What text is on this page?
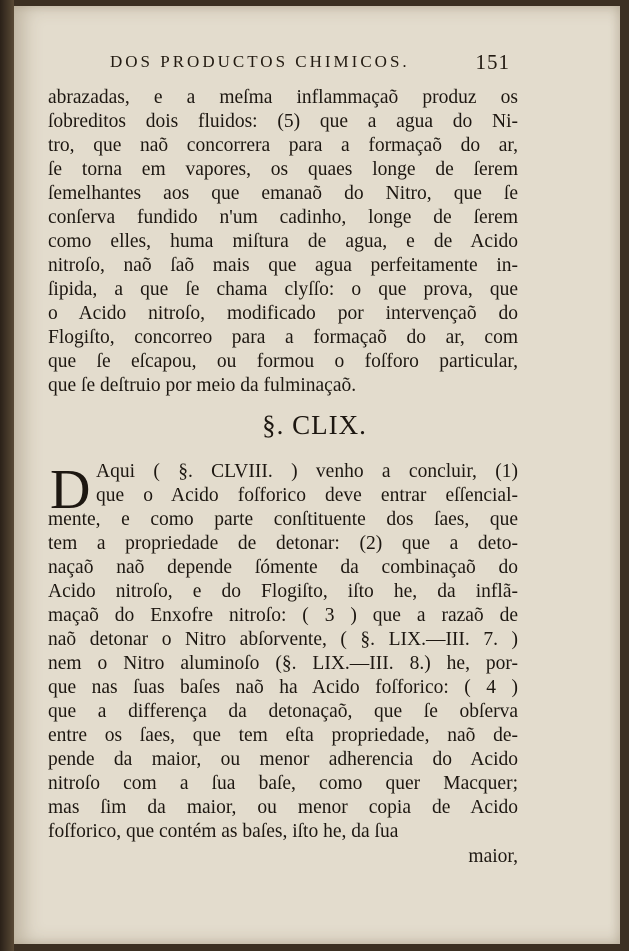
DOS PRODUCTOS CHIMICOS.	151
abrazadas, e a meſma inflammaçaõ produz os
ſobreditos dois fluidos: (5) que a agua do Ni-
tro, que naõ concorrera para a formaçaõ do ar,
ſe torna em vapores, os quaes longe de ſerem
ſemelhantes aos que emanaõ do Nitro, que ſe
conſerva fundido n'um cadinho, longe de ſerem
como elles, huma miſtura de agua, e de Acido
nitroſo, naõ ſaõ mais que agua perfeitamente in-
ſipida, a que ſe chama clyſſo: o que prova, que
o Acido nitroſo, modificado por intervençaõ do
Flogiſto, concorreo para a formaçaõ do ar, com
que ſe eſcapou, ou formou o foſforo particular,
que ſe deſtruio por meio da fulminaçaõ.
§. CLIX.
D Aqui ( §. CLVIII. ) venho a concluir, (1)
que o Acido foſforico deve entrar eſſencial-
mente, e como parte conſtituente dos ſaes, que
tem a propriedade de detonar: (2) que a deto-
naçaõ naõ depende ſómente da combinaçaõ do
Acido nitroſo, e do Flogiſto, iſto he, da inflã-
maçaõ do Enxofre nitroſo: ( 3 ) que a razaõ de
naõ detonar o Nitro abſorvente, ( §. LIX.—III. 7. )
nem o Nitro aluminoſo (§. LIX.—III. 8.) he, por-
que nas ſuas baſes naõ ha Acido foſforico: ( 4 )
que a differença da detonaçaõ, que ſe obſerva
entre os ſaes, que tem eſta propriedade, naõ de-
pende da maior, ou menor adherencia do Acido
nitroſo com a ſua baſe, como quer Macquer;
mas ſim da maior, ou menor copia de Acido
foſforico, que contém as baſes, iſto he, da ſua
maior,
